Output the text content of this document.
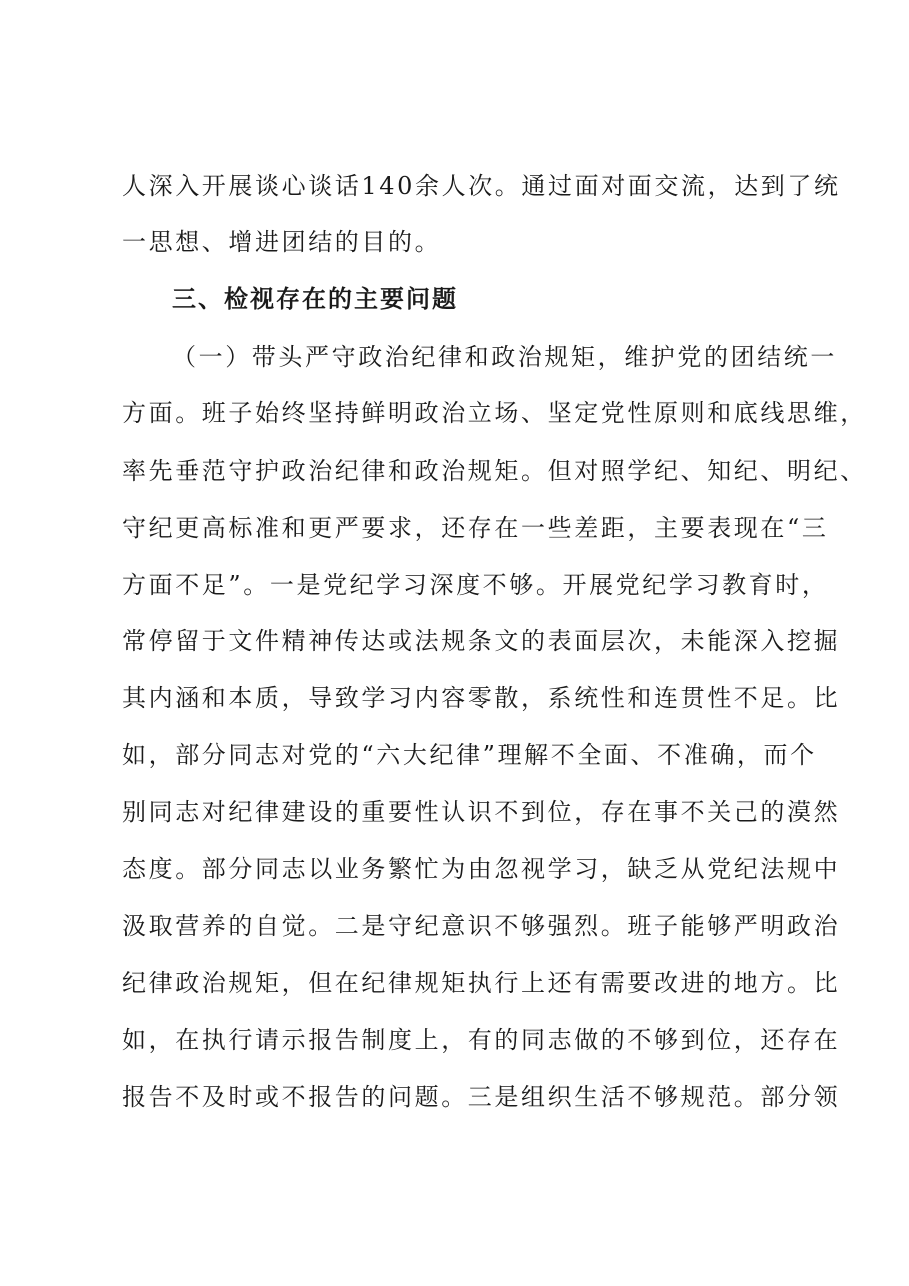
人深入开展谈心谈话140余人次。通过面对面交流，达到了统
一思想、增进团结的目的。
三、检视存在的主要问题
（一）带头严守政治纪律和政治规矩，维护党的团结统一
方面。班子始终坚持鲜明政治立场、坚定党性原则和底线思维，
率先垂范守护政治纪律和政治规矩。但对照学纪、知纪、明纪、
守纪更高标准和更严要求，还存在一些差距，主要表现在“三
方面不足”。一是党纪学习深度不够。开展党纪学习教育时，
常停留于文件精神传达或法规条文的表面层次，未能深入挖掘
其内涵和本质，导致学习内容零散，系统性和连贯性不足。比
如，部分同志对党的“六大纪律”理解不全面、不准确，而个
别同志对纪律建设的重要性认识不到位，存在事不关己的漠然
态度。部分同志以业务繁忙为由忽视学习，缺乏从党纪法规中
汲取营养的自觉。二是守纪意识不够强烈。班子能够严明政治
纪律政治规矩，但在纪律规矩执行上还有需要改进的地方。比
如，在执行请示报告制度上，有的同志做的不够到位，还存在
报告不及时或不报告的问题。三是组织生活不够规范。部分领
